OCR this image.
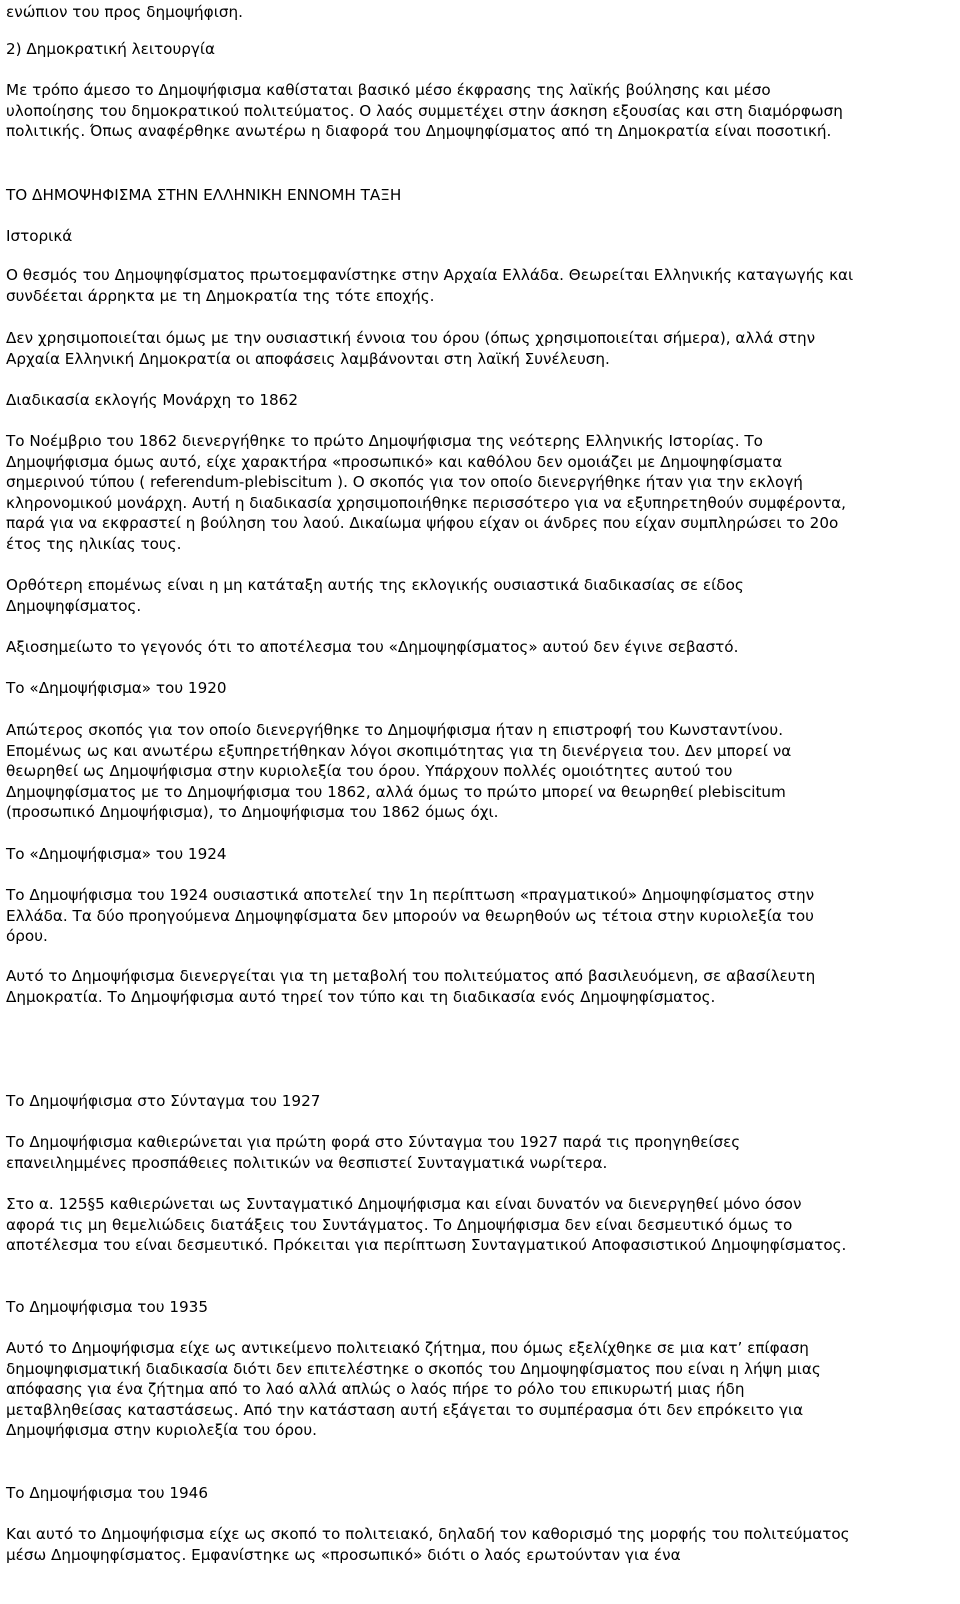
ενώπιον του προς δημοψήφιση.

2) Δημοκρατική λειτουργία

Με τρόπο άμεσο το Δημοψήφισμα καθίσταται βασικό μέσο έκφρασης της λαϊκής βούλησης και μέσο
υλοποίησης του δημοκρατικού πολιτεύματος. Ο λαός συμμετέχει στην άσκηση εξουσίας και στη διαμόρφωση
πολιτικής. Όπως αναφέρθηκε ανωτέρω η διαφορά του Δημοψηφίσματος από τη Δημοκρατία είναι ποσοτική.

ΤΟ ΔΗΜΟΨΗΦΙΣΜΑ ΣΤΗΝ ΕΛΛΗΝΙΚΗ ΕΝΝΟΜΗ ΤΑΞΗ

Ιστορικά

Ο θεσμός του Δημοψηφίσματος πρωτοεμφανίστηκε στην Αρχαία Ελλάδα. Θεωρείται Ελληνικής καταγωγής και
συνδέεται άρρηκτα με τη Δημοκρατία της τότε εποχής.

Δεν χρησιμοποιείται όμως με την ουσιαστική έννοια του όρου (όπως χρησιμοποιείται σήμερα), αλλά στην
Αρχαία Ελληνική Δημοκρατία οι αποφάσεις λαμβάνονται στη λαϊκή Συνέλευση.

Διαδικασία εκλογής Μονάρχη το 1862

Το Νοέμβριο του 1862 διενεργήθηκε το πρώτο Δημοψήφισμα της νεότερης Ελληνικής Ιστορίας. Το
Δημοψήφισμα όμως αυτό, είχε χαρακτήρα «προσωπικό» και καθόλου δεν ομοιάζει με Δημοψηφίσματα
σημερινού τύπου ( referendum-plebiscitum ). Ο σκοπός για τον οποίο διενεργήθηκε ήταν για την εκλογή
κληρονομικού μονάρχη. Αυτή η διαδικασία χρησιμοποιήθηκε περισσότερο για να εξυπηρετηθούν συμφέροντα,
παρά για να εκφραστεί η βούληση του λαού. Δικαίωμα ψήφου είχαν οι άνδρες που είχαν συμπληρώσει το 20ο
έτος της ηλικίας τους.

Ορθότερη επομένως είναι η μη κατάταξη αυτής της εκλογικής ουσιαστικά διαδικασίας σε είδος
Δημοψηφίσματος.

Αξιοσημείωτο το γεγονός ότι το αποτέλεσμα του «Δημοψηφίσματος» αυτού δεν έγινε σεβαστό.

Το «Δημοψήφισμα» του 1920

Απώτερος σκοπός για τον οποίο διενεργήθηκε το Δημοψήφισμα ήταν η επιστροφή του Κωνσταντίνου.
Επομένως ως και ανωτέρω εξυπηρετήθηκαν λόγοι σκοπιμότητας για τη διενέργεια του. Δεν μπορεί να
θεωρηθεί ως Δημοψήφισμα στην κυριολεξία του όρου. Υπάρχουν πολλές ομοιότητες αυτού του
Δημοψηφίσματος με το Δημοψήφισμα του 1862, αλλά όμως το πρώτο μπορεί να θεωρηθεί plebiscitum
(προσωπικό Δημοψήφισμα), το Δημοψήφισμα του 1862 όμως όχι.

Το «Δημοψήφισμα» του 1924

Το Δημοψήφισμα του 1924 ουσιαστικά αποτελεί την 1η περίπτωση «πραγματικού» Δημοψηφίσματος στην
Ελλάδα. Τα δύο προηγούμενα Δημοψηφίσματα δεν μπορούν να θεωρηθούν ως τέτοια στην κυριολεξία του
όρου.

Αυτό το Δημοψήφισμα διενεργείται για τη μεταβολή του πολιτεύματος από βασιλευόμενη, σε αβασίλευτη
Δημοκρατία. Το Δημοψήφισμα αυτό τηρεί τον τύπο και τη διαδικασία ενός Δημοψηφίσματος.

Το Δημοψήφισμα στο Σύνταγμα του 1927

Το Δημοψήφισμα καθιερώνεται για πρώτη φορά στο Σύνταγμα του 1927 παρά τις προηγηθείσες
επανειλημμένες προσπάθειες πολιτικών να θεσπιστεί Συνταγματικά νωρίτερα.

Στο α. 125§5 καθιερώνεται ως Συνταγματικό Δημοψήφισμα και είναι δυνατόν να διενεργηθεί μόνο όσον
αφορά τις μη θεμελιώδεις διατάξεις του Συντάγματος. Το Δημοψήφισμα δεν είναι δεσμευτικό όμως το
αποτέλεσμα του είναι δεσμευτικό. Πρόκειται για περίπτωση Συνταγματικού Αποφασιστικού Δημοψηφίσματος.

Το Δημοψήφισμα του 1935

Αυτό το Δημοψήφισμα είχε ως αντικείμενο πολιτειακό ζήτημα, που όμως εξελίχθηκε σε μια κατ’ επίφαση
δημοψηφισματική διαδικασία διότι δεν επιτελέστηκε ο σκοπός του Δημοψηφίσματος που είναι η λήψη μιας
απόφασης για ένα ζήτημα από το λαό αλλά απλώς ο λαός πήρε το ρόλο του επικυρωτή μιας ήδη
μεταβληθείσας καταστάσεως. Από την κατάσταση αυτή εξάγεται το συμπέρασμα ότι δεν επρόκειτο για
Δημοψήφισμα στην κυριολεξία του όρου.

Το Δημοψήφισμα του 1946

Και αυτό το Δημοψήφισμα είχε ως σκοπό το πολιτειακό, δηλαδή τον καθορισμό της μορφής του πολιτεύματος
μέσω Δημοψηφίσματος. Εμφανίστηκε ως «προσωπικό» διότι ο λαός ερωτούνταν για ένα
